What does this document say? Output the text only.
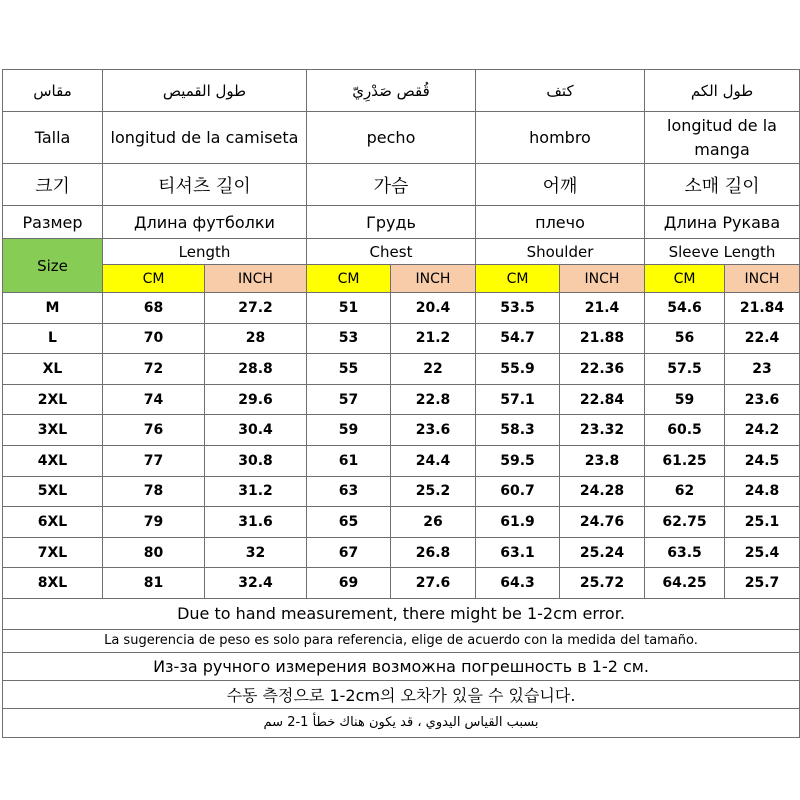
مقاس	طول القميص		قُقص صَدْرِيّ		كتف		طول الكم	
Talla	longitud de la camiseta		pecho		hombro		longitud de la manga	
크기	티셔츠 길이		가슴		어깨		소매 길이	
Размер	Длина футболки		Грудь		плечо		Длина Рукава	
Size	Length		Chest		Shoulder		Sleeve Length	
	CM	INCH	CM	INCH	CM	INCH	CM	INCH
M	68	27.2	51	20.4	53.5	21.4	54.6	21.84
L	70	28	53	21.2	54.7	21.88	56	22.4
XL	72	28.8	55	22	55.9	22.36	57.5	23
2XL	74	29.6	57	22.8	57.1	22.84	59	23.6
3XL	76	30.4	59	23.6	58.3	23.32	60.5	24.2
4XL	77	30.8	61	24.4	59.5	23.8	61.25	24.5
5XL	78	31.2	63	25.2	60.7	24.28	62	24.8
6XL	79	31.6	65	26	61.9	24.76	62.75	25.1
7XL	80	32	67	26.8	63.1	25.24	63.5	25.4
8XL	81	32.4	69	27.6	64.3	25.72	64.25	25.7
Due to hand measurement, there might be 1-2cm error.								
La sugerencia de peso es solo para referencia, elige de acuerdo con la medida del tamaño.								
Из-за ручного измерения возможна погрешность в 1-2 см.								
수동 측정으로 1-2cm의 오차가 있을 수 있습니다.								
بسبب القياس اليدوي ، قد يكون هناك خطأ 1-2 سم								
